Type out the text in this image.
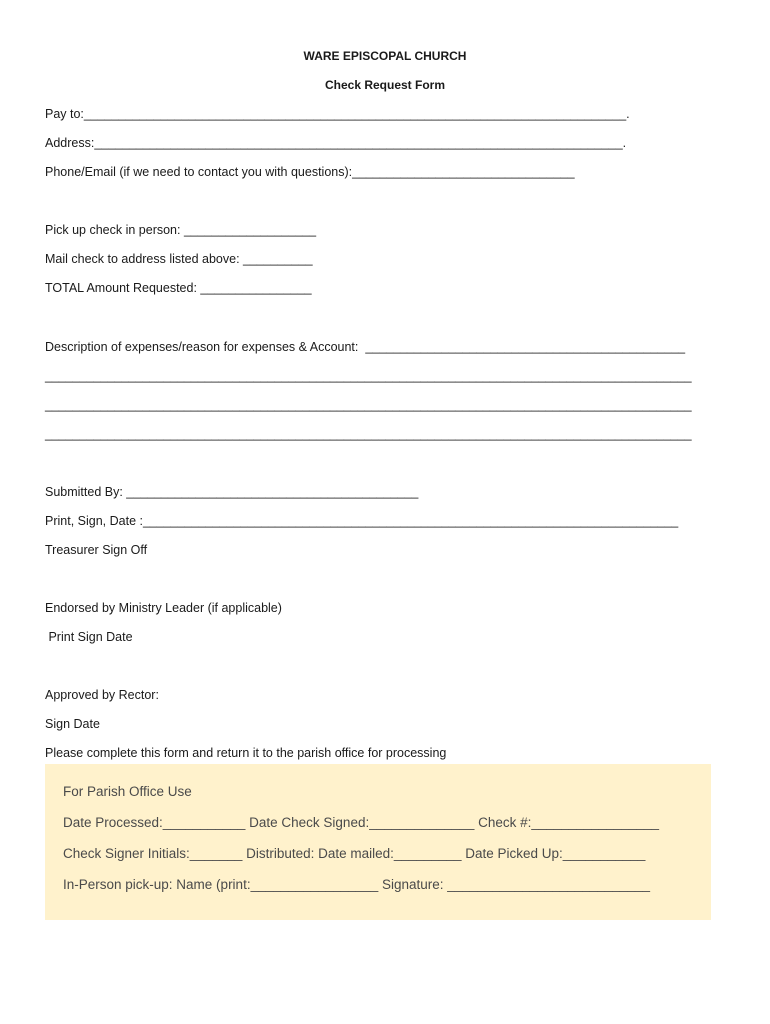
WARE EPISCOPAL CHURCH
Check Request Form
Pay to:______________________________________________________________________________.
Address:____________________________________________________________________________.
Phone/Email (if we need to contact you with questions):________________________________
Pick up check in person: ___________________
Mail check to address listed above: __________
TOTAL Amount Requested: ________________
Description of expenses/reason for expenses & Account:  ______________________________________________
_____________________________________________________________________________________________
_____________________________________________________________________________________________
_____________________________________________________________________________________________
Submitted By: __________________________________________
Print, Sign, Date :_____________________________________________________________________________
Treasurer Sign Off
Endorsed by Ministry Leader (if applicable)
Print Sign Date
Approved by Rector:
Sign Date
Please complete this form and return it to the parish office for processing
For Parish Office Use
Date Processed:___________ Date Check Signed:______________ Check #:_________________
Check Signer Initials:_______ Distributed: Date mailed:_________ Date Picked Up:___________
In-Person pick-up: Name (print:_________________ Signature: ___________________________
